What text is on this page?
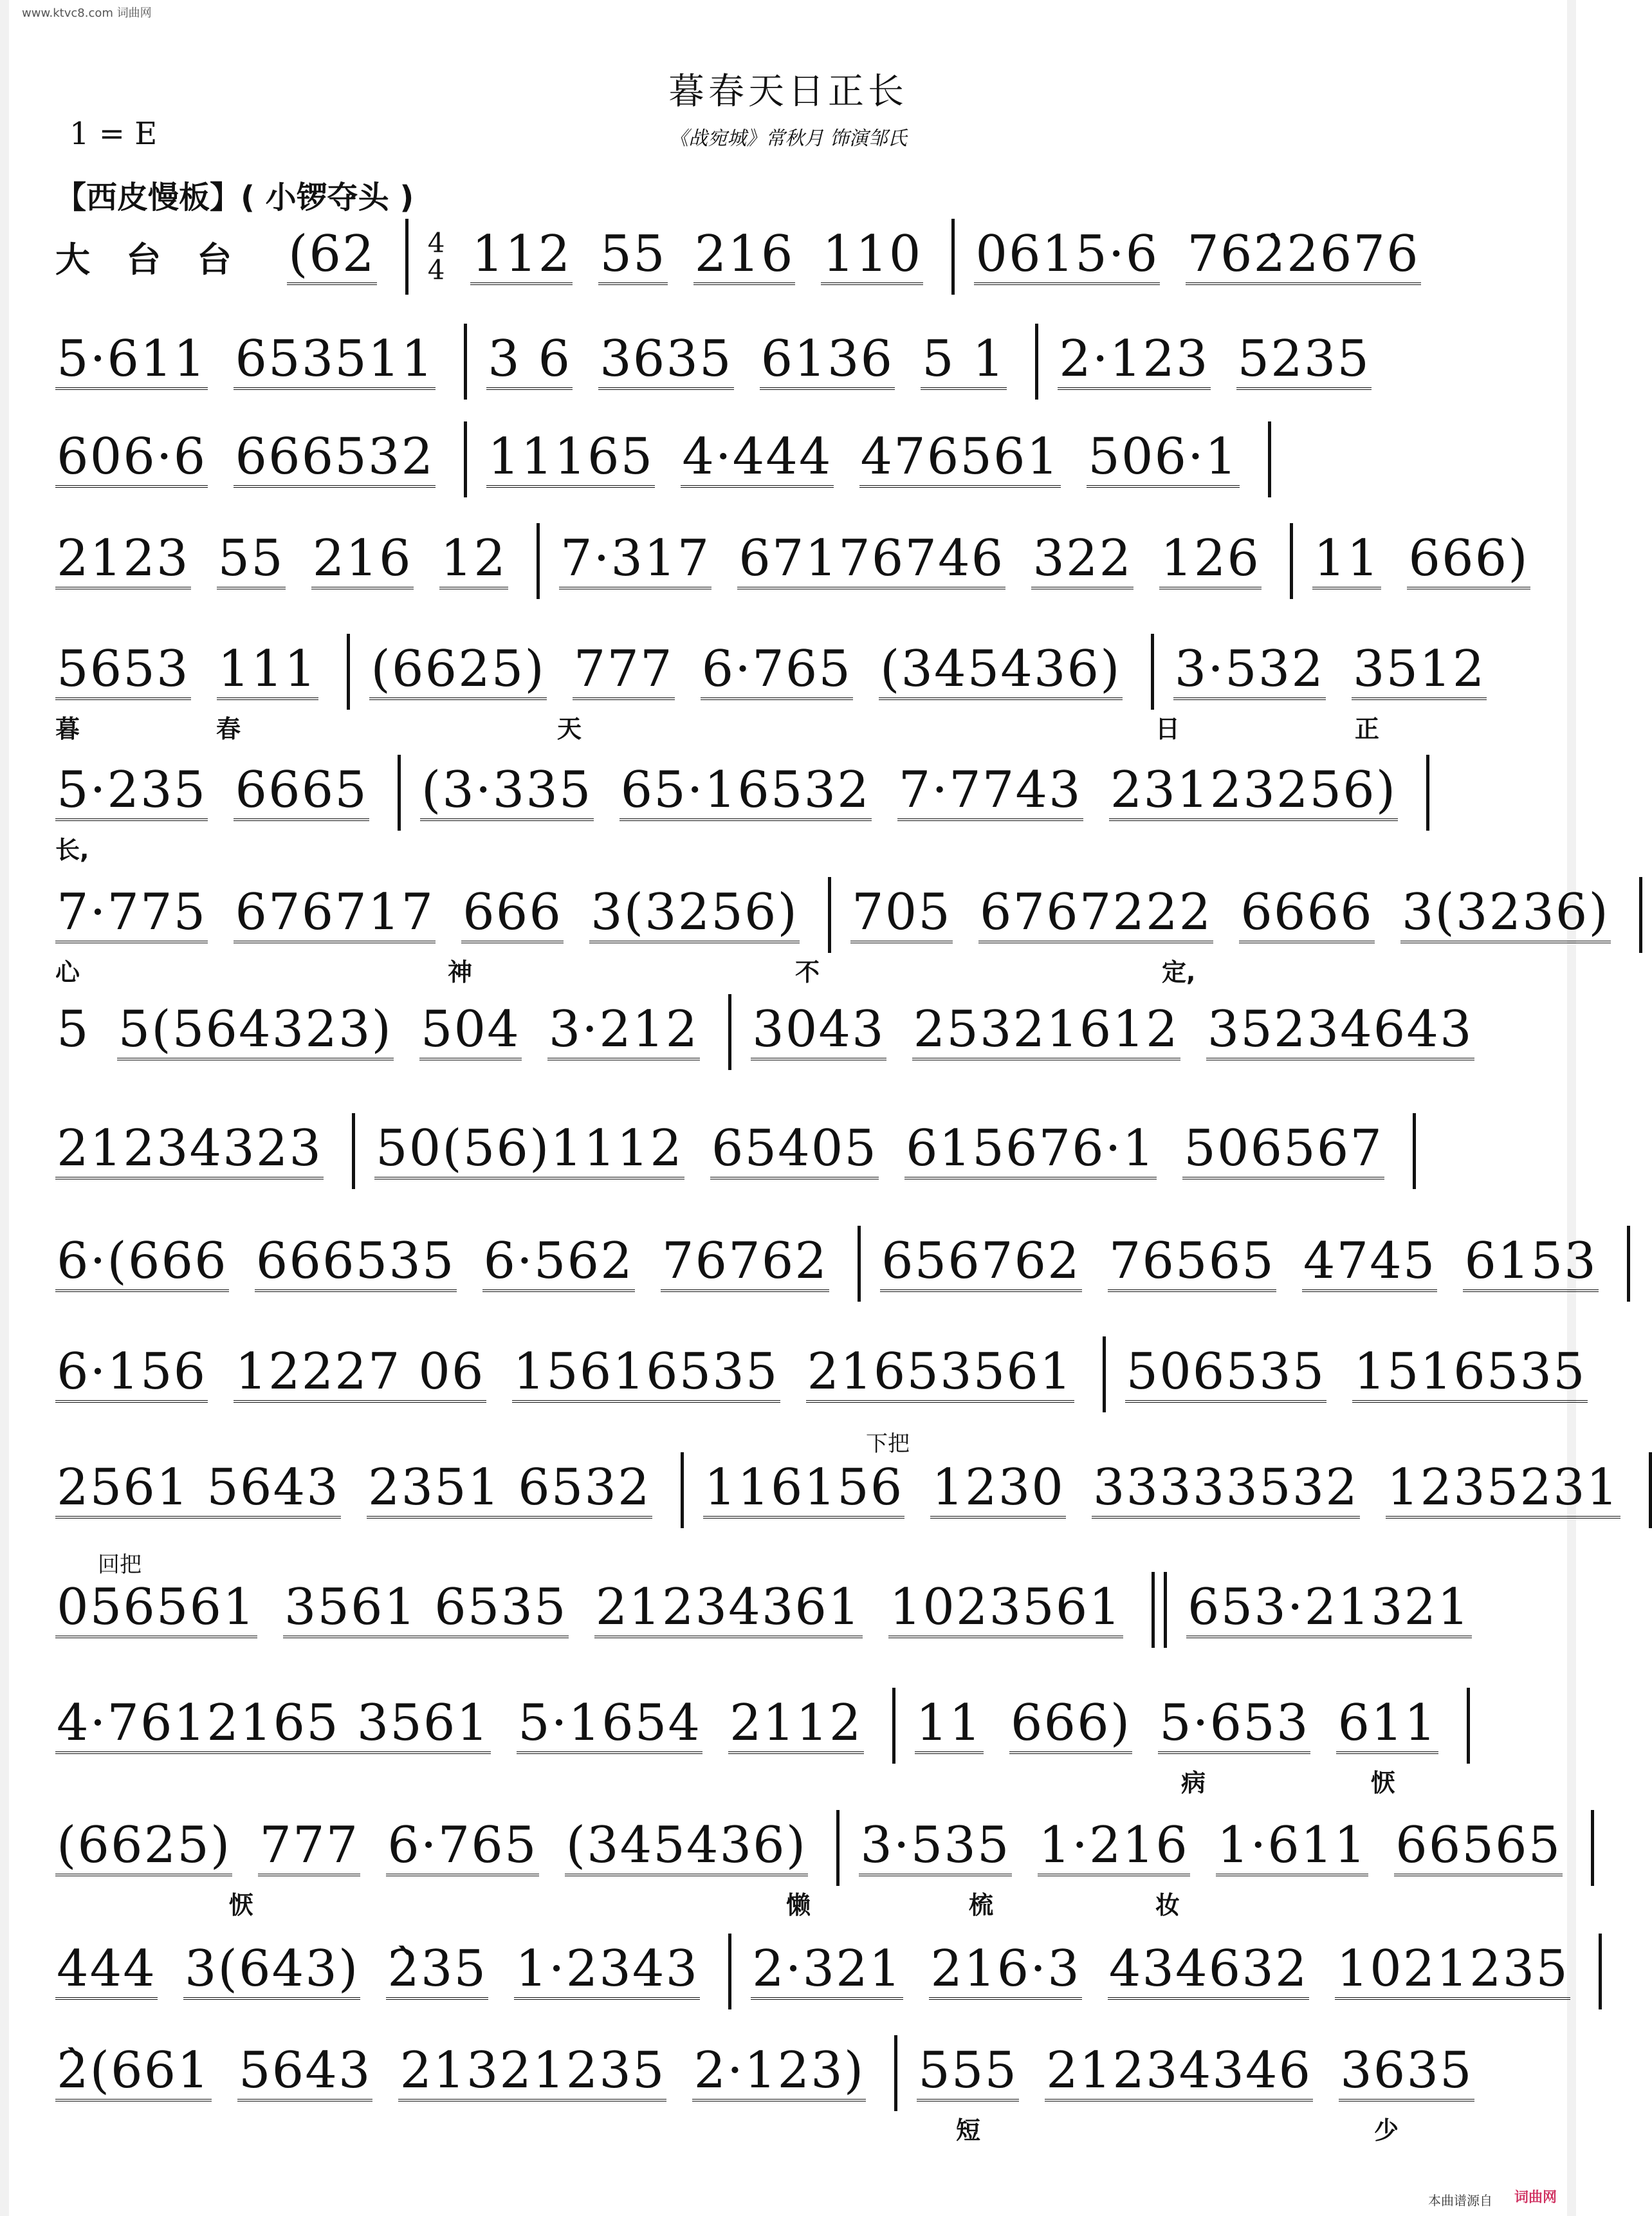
www.ktvc8.com 词曲网
暮春天日正长
《战宛城》常秋月 饰演邹氏
1 = E
【西皮慢板】( 小锣夺头 )
大台台 (62 4
4 112 55 216 110 0615·6 762̇2676
5·611 653511 3 6 3635 6136 5 1 2·123 5235
606·6 666532 11165 4·444 476561 506·1
2123 55 216 12 7·317 67176746 322 126 11 666)
5653 111 (6625) 777 6·765 (345436) 3·532 3512
暮	春	天	日	正
5·235 6665 (3·335 65·16532 7·7743 23123256)
长,
7·775 676717 666 3(3256) 705 6767222 6666 3(3236)
心	神	不	定,
5 5(564323) 504 3·212 3043 25321612 35234643
21234323 50(56)1112 65405 615676·1 506567
6·(666 666535 6·562 76762 656762 76565 4745 6153
6·156 12227 06 15616535 21653561 506535 1516535
下把
2561 5643 2351 6532 116156 1230 33333532 1235231
回把
056561 3561 6535 21234361 1023561 653·21321
4·7612165 3561 5·1654 2112 11 666) 5·653 611
病	恹
(6625) 777 6·765 (345436) 3·535 1·216 1·611 66565
恹	懒	梳	妆
444 3(643) 2̀35 1·2343 2·321 216·3 434632 1021235
2̀(661 5643 21321235 2·123) 555 21234346 3635
短	少
本曲谱源自 词曲网
